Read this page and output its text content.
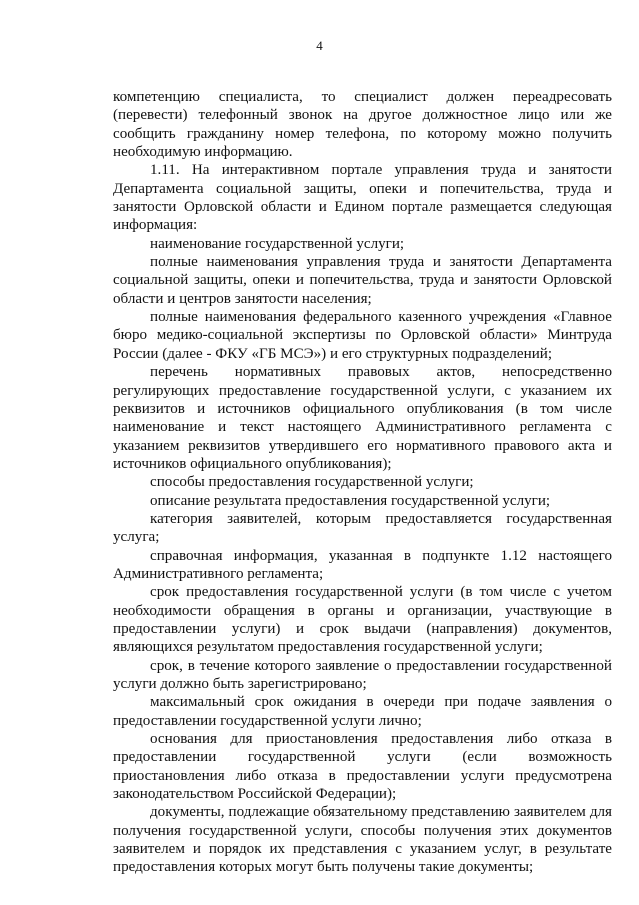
4

компетенцию специалиста, то специалист должен переадресовать (перевести) телефонный звонок на другое должностное лицо или же сообщить гражданину номер телефона, по которому можно получить необходимую информацию.

1.11. На интерактивном портале управления труда и занятости Департамента социальной защиты, опеки и попечительства, труда и занятости Орловской области и Едином портале размещается следующая информация:

наименование государственной услуги;

полные наименования управления труда и занятости Департамента социальной защиты, опеки и попечительства, труда и занятости Орловской области и центров занятости населения;

полные наименования федерального казенного учреждения «Главное бюро медико-социальной экспертизы по Орловской области» Минтруда России (далее - ФКУ «ГБ МСЭ») и его структурных подразделений;

перечень нормативных правовых актов, непосредственно регулирующих предоставление государственной услуги, с указанием их реквизитов и источников официального опубликования (в том числе наименование и текст настоящего Административного регламента с указанием реквизитов утвердившего его нормативного правового акта и источников официального опубликования);

способы предоставления государственной услуги;

описание результата предоставления государственной услуги;

категория заявителей, которым предоставляется государственная услуга;

справочная информация, указанная в подпункте 1.12 настоящего Административного регламента;

срок предоставления государственной услуги (в том числе с учетом необходимости обращения в органы и организации, участвующие в предоставлении услуги) и срок выдачи (направления) документов, являющихся результатом предоставления государственной услуги;

срок, в течение которого заявление о предоставлении государственной услуги должно быть зарегистрировано;

максимальный срок ожидания в очереди при подаче заявления о предоставлении государственной услуги лично;

основания для приостановления предоставления либо отказа в предоставлении государственной услуги (если возможность приостановления либо отказа в предоставлении услуги предусмотрена законодательством Российской Федерации);

документы, подлежащие обязательному представлению заявителем для получения государственной услуги, способы получения этих документов заявителем и порядок их представления с указанием услуг, в результате предоставления которых могут быть получены такие документы;
